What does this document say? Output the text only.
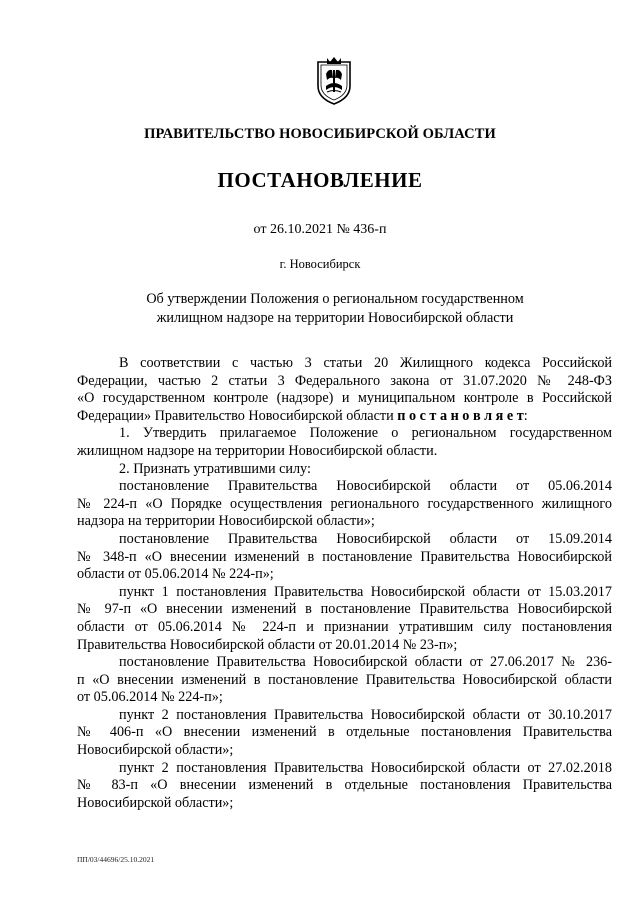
ПРАВИТЕЛЬСТВО НОВОСИБИРСКОЙ ОБЛАСТИ
ПОСТАНОВЛЕНИЕ
от 26.10.2021 № 436-п
г. Новосибирск
Об утверждении Положения о региональном государственном
жилищном надзоре на территории Новосибирской области
В соответствии с частью 3 статьи 20 Жилищного кодекса Российской
Федерации, частью 2 статьи 3 Федерального закона от 31.07.2020 № 248-ФЗ
«О государственном контроле (надзоре) и муниципальном контроле в Российской
Федерации» Правительство Новосибирской области п о с т а н о в л я е т:
1. Утвердить прилагаемое Положение о региональном государственном
жилищном надзоре на территории Новосибирской области.
2. Признать утратившими силу:
постановление Правительства Новосибирской области от 05.06.2014
№ 224-п «О Порядке осуществления регионального государственного жилищного
надзора на территории Новосибирской области»;
постановление Правительства Новосибирской области от 15.09.2014
№ 348-п «О внесении изменений в постановление Правительства Новосибирской
области от 05.06.2014 № 224-п»;
пункт 1 постановления Правительства Новосибирской области от 15.03.2017
№ 97-п «О внесении изменений в постановление Правительства Новосибирской
области от 05.06.2014 № 224-п и признании утратившим силу постановления
Правительства Новосибирской области от 20.01.2014 № 23-п»;
постановление Правительства Новосибирской области от 27.06.2017 № 236-
п «О внесении изменений в постановление Правительства Новосибирской области
от 05.06.2014 № 224-п»;
пункт 2 постановления Правительства Новосибирской области от 30.10.2017
№ 406-п «О внесении изменений в отдельные постановления Правительства
Новосибирской области»;
пункт 2 постановления Правительства Новосибирской области от 27.02.2018
№ 83-п «О внесении изменений в отдельные постановления Правительства
Новосибирской области»;
ПП/03/44696/25.10.2021
